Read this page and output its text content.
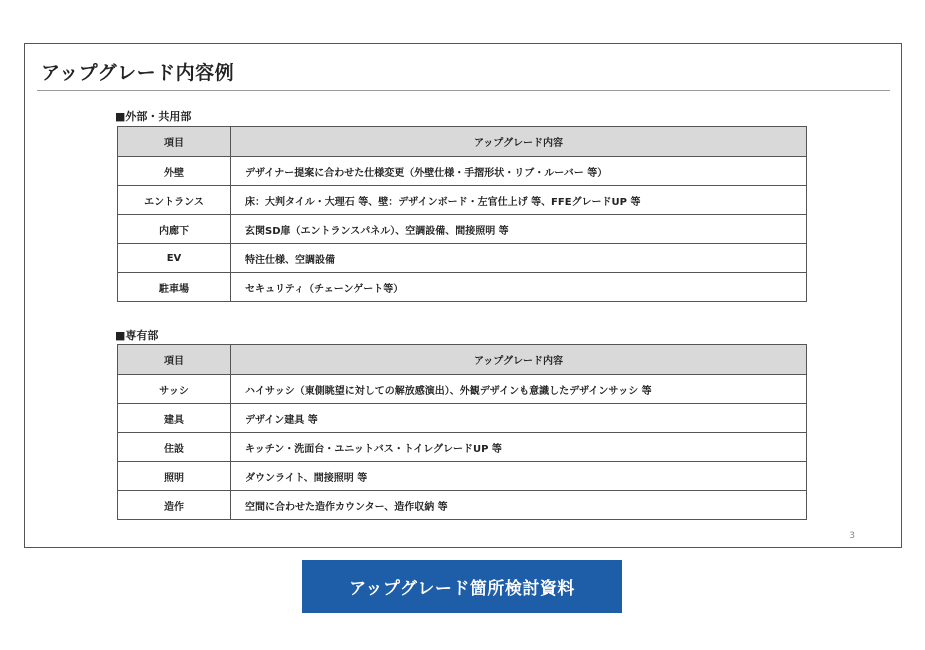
アップグレード内容例
■外部・共用部
項目	アップグレード内容
外壁	デザイナー提案に合わせた仕様変更（外壁仕様・手摺形状・リブ・ルーバー 等）
エントランス	床：大判タイル・大理石 等、壁：デザインボード・左官仕上げ 等、FFEグレードUP 等
内廊下	玄関SD扉（エントランスパネル）、空調設備、間接照明 等
EV	特注仕様、空調設備
駐車場	セキュリティ（チェーンゲート等）
■専有部
項目	アップグレード内容
サッシ	ハイサッシ（東側眺望に対しての解放感演出）、外観デザインも意識したデザインサッシ 等
建具	デザイン建具 等
住設	キッチン・洗面台・ユニットバス・トイレグレードUP 等
照明	ダウンライト、間接照明 等
造作	空間に合わせた造作カウンター、造作収納 等
3
アップグレード箇所検討資料
